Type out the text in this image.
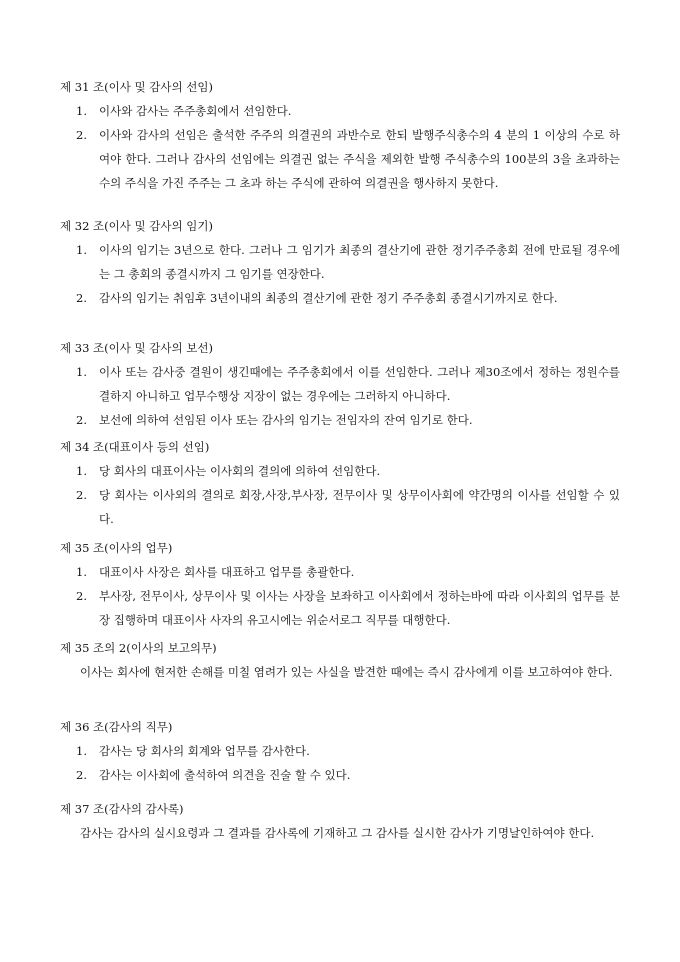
제 31 조(이사 및 감사의 선임)
1. 이사와 감사는 주주총회에서 선임한다.
2. 이사와 감사의 선임은 출석한 주주의 의결권의 과반수로 한되 발행주식총수의 4 분의 1 이상의 수로 하여야 한다. 그러나 감사의 선임에는 의결권 없는 주식을 제외한 발행 주식총수의 100분의 3을 초과하는 수의 주식을 가진 주주는 그 초과 하는 주식에 관하여 의결권을 행사하지 못한다.
제 32 조(이사 및 감사의 임기)
1. 이사의 임기는 3년으로 한다. 그러나 그 임기가 최종의 결산기에 관한 정기주주총회 전에 만료될 경우에는 그 총회의 종결시까지 그 임기를 연장한다.
2. 감사의 임기는 취임후 3년이내의 최종의 결산기에 관한 정기 주주총회 종결시기까지로 한다.
제 33 조(이사 및 감사의 보선)
1. 이사 또는 감사중 결원이 생긴때에는 주주총회에서 이를 선임한다. 그러나 제30조에서 정하는 정원수를 결하지 아니하고 업무수행상 지장이 없는 경우에는 그러하지 아니하다.
2. 보선에 의하여 선임된 이사 또는 감사의 임기는 전임자의 잔여 임기로 한다.
제 34 조(대표이사 등의 선임)
1. 당 회사의 대표이사는 이사회의 결의에 의하여 선임한다.
2. 당 회사는 이사외의 결의로 회장,사장,부사장, 전무이사 및 상무이사회에 약간명의 이사를 선임할 수 있다.
제 35 조(이사의 업무)
1. 대표이사 사장은 회사를 대표하고 업무를 총괄한다.
2. 부사장, 전무이사, 상무이사 및 이사는 사장을 보좌하고 이사회에서 정하는바에 따라 이사회의 업무를 분장 집행하며 대표이사 사자의 유고시에는 위순서로그 직무를 대행한다.
제 35 조의 2(이사의 보고의무)
이사는 회사에 현저한 손해를 미칠 염려가 있는 사실을 발견한 때에는 즉시 감사에게 이를 보고하여야 한다.
제 36 조(감사의 직무)
1. 감사는 당 회사의 회계와 업무를 감사한다.
2. 감사는 이사회에 출석하여 의견을 진술 할 수 있다.
제 37 조(감사의 감사록)
감사는 감사의 실시요령과 그 결과를 감사록에 기재하고 그 감사를 실시한 감사가 기명날인하여야 한다.
